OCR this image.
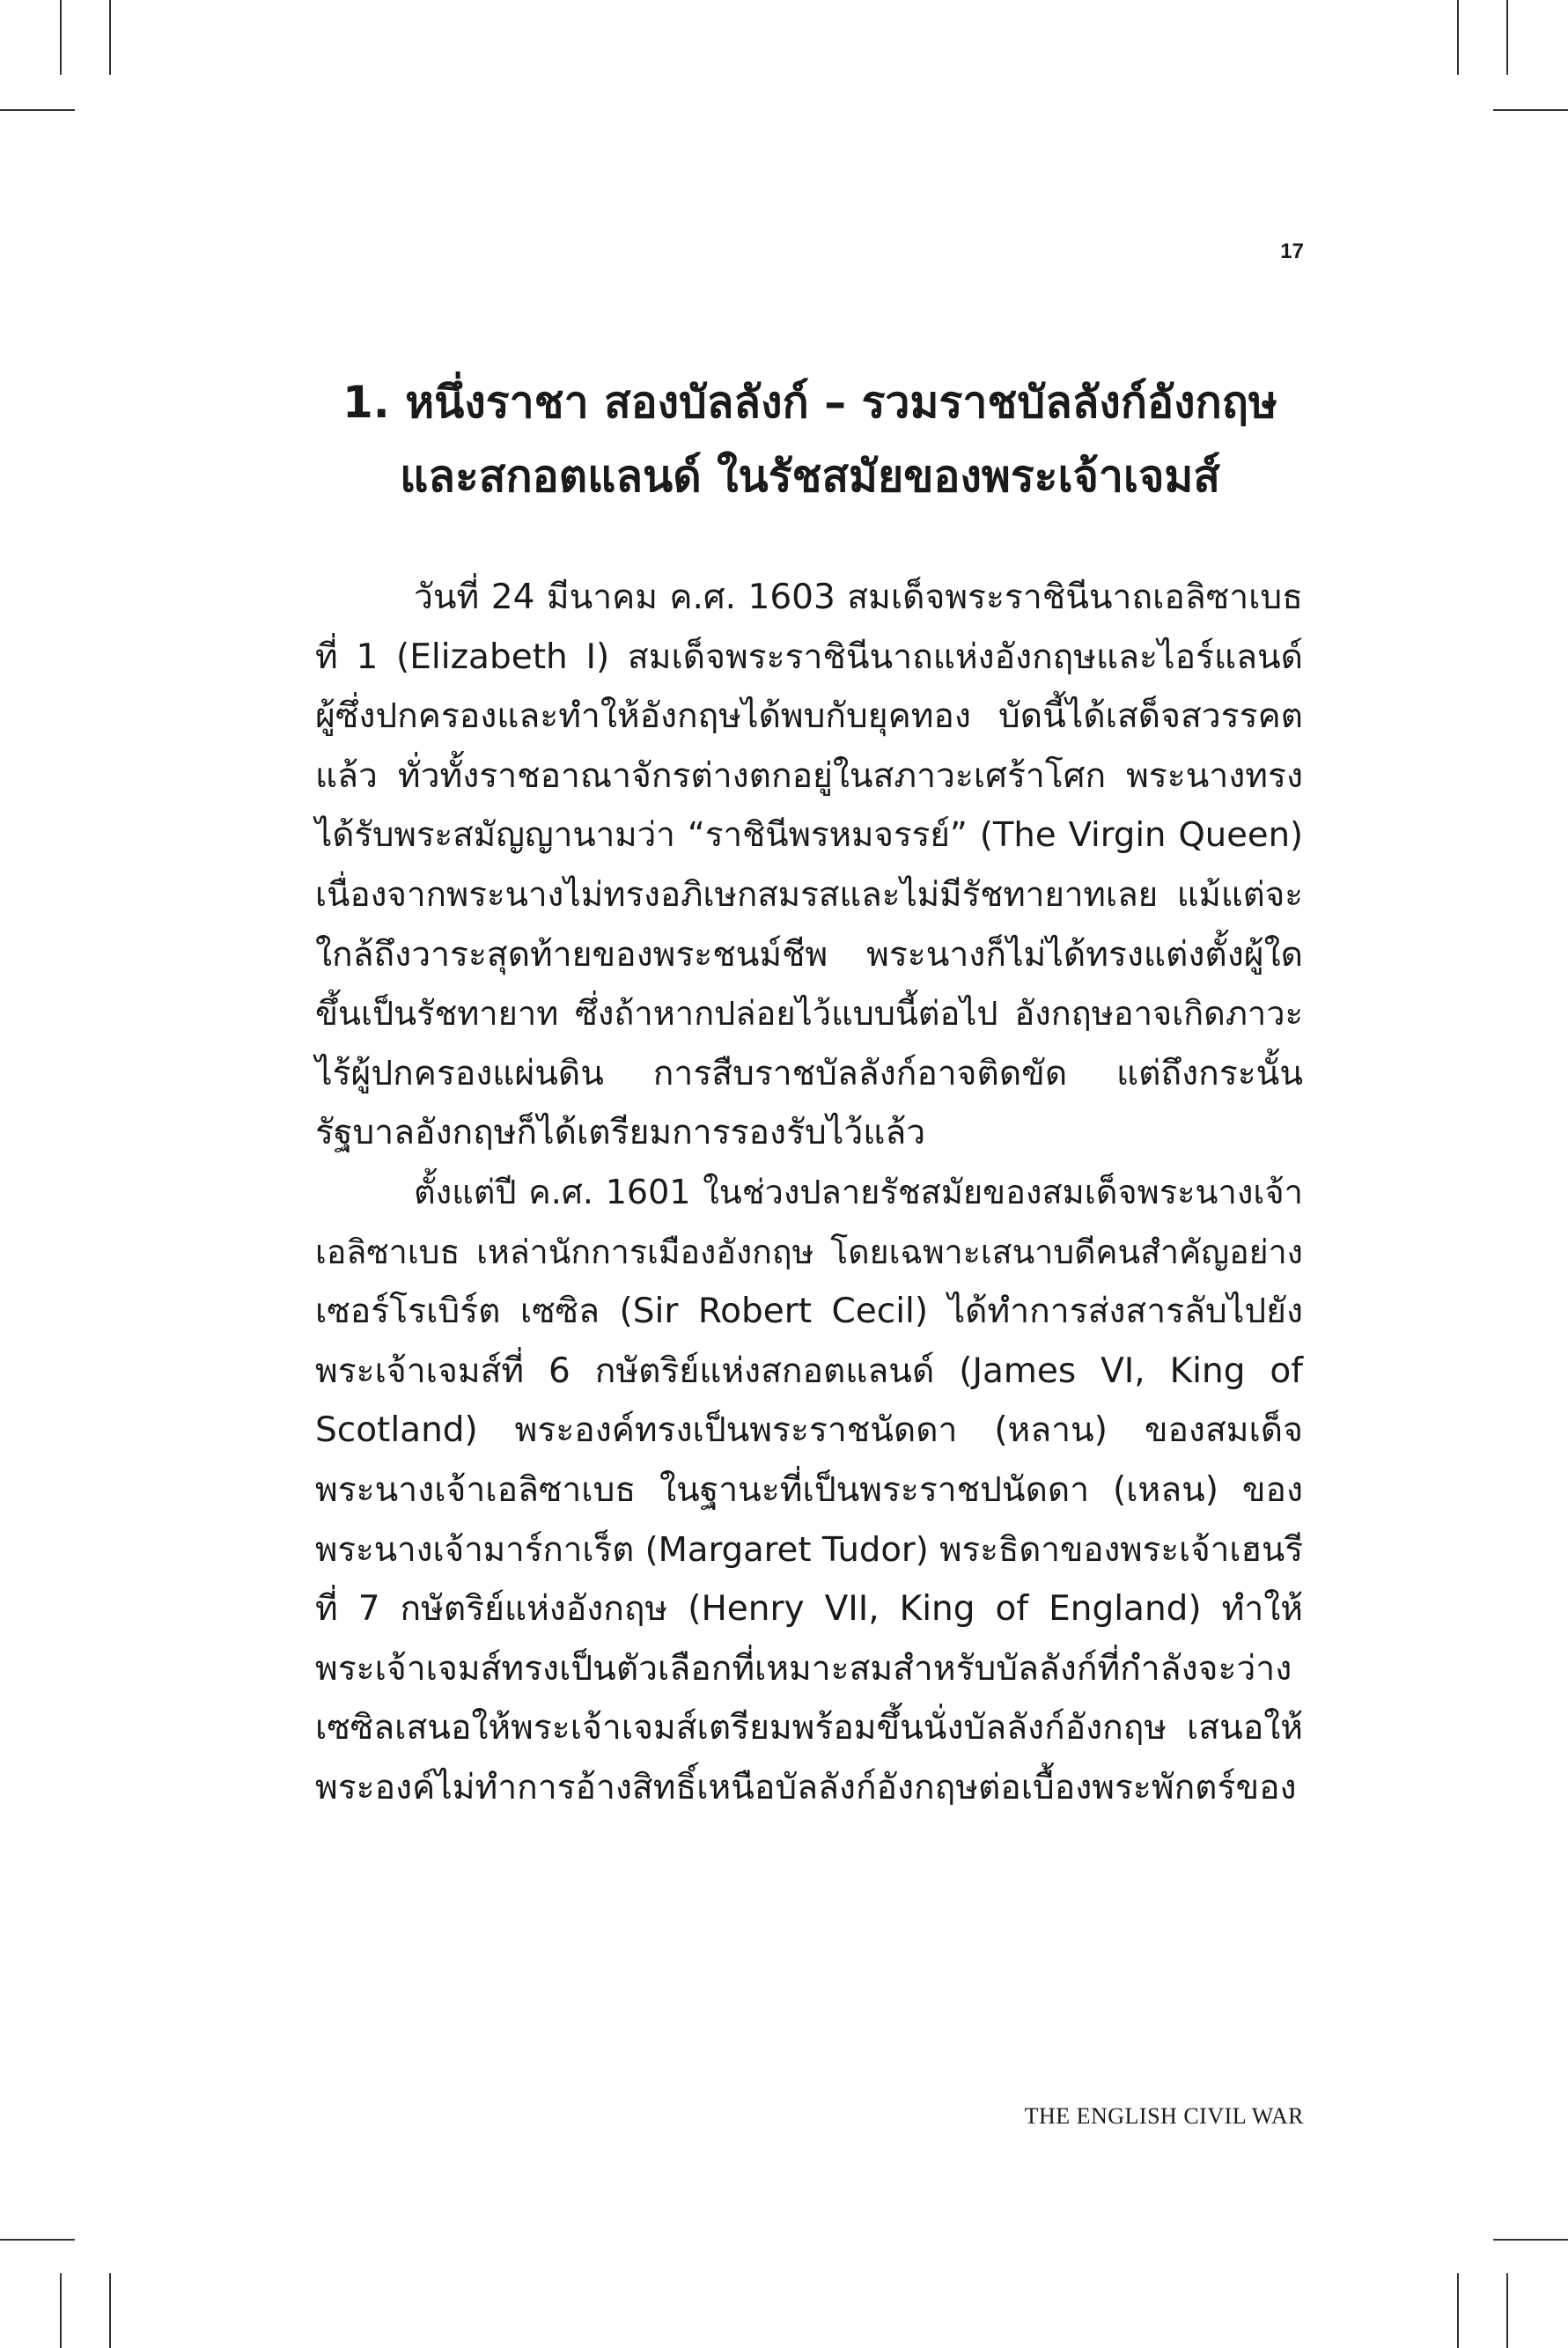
17
1. หนึ่งราชา สองบัลลังก์ – รวมราชบัลลังก์อังกฤษ
และสกอตแลนด์ ในรัชสมัยของพระเจ้าเจมส์

วันที่ 24 มีนาคม ค.ศ. 1603 สมเด็จพระราชินีนาถเอลิซาเบธ
ที่ 1 (Elizabeth I) สมเด็จพระราชินีนาถแห่งอังกฤษและไอร์แลนด์
ผู้ซึ่งปกครองและทำให้อังกฤษได้พบกับยุคทอง บัดนี้ได้เสด็จสวรรคต
แล้ว ทั่วทั้งราชอาณาจักรต่างตกอยู่ในสภาวะเศร้าโศก พระนางทรง
ได้รับพระสมัญญานามว่า “ราชินีพรหมจรรย์” (The Virgin Queen)
เนื่องจากพระนางไม่ทรงอภิเษกสมรสและไม่มีรัชทายาทเลย แม้แต่จะ
ใกล้ถึงวาระสุดท้ายของพระชนม์ชีพ พระนางก็ไม่ได้ทรงแต่งตั้งผู้ใด
ขึ้นเป็นรัชทายาท ซึ่งถ้าหากปล่อยไว้แบบนี้ต่อไป อังกฤษอาจเกิดภาวะ
ไร้ผู้ปกครองแผ่นดิน การสืบราชบัลลังก์อาจติดขัด แต่ถึงกระนั้น
รัฐบาลอังกฤษก็ได้เตรียมการรองรับไว้แล้ว

ตั้งแต่ปี ค.ศ. 1601 ในช่วงปลายรัชสมัยของสมเด็จพระนางเจ้า
เอลิซาเบธ เหล่านักการเมืองอังกฤษ โดยเฉพาะเสนาบดีคนสำคัญอย่าง
เซอร์โรเบิร์ต เซซิล (Sir Robert Cecil) ได้ทำการส่งสารลับไปยัง
พระเจ้าเจมส์ที่ 6 กษัตริย์แห่งสกอตแลนด์ (James VI, King of
Scotland) พระองค์ทรงเป็นพระราชนัดดา (หลาน) ของสมเด็จ
พระนางเจ้าเอลิซาเบธ ในฐานะที่เป็นพระราชปนัดดา (เหลน) ของ
พระนางเจ้ามาร์กาเร็ต (Margaret Tudor) พระธิดาของพระเจ้าเฮนรี
ที่ 7 กษัตริย์แห่งอังกฤษ (Henry VII, King of England) ทำให้
พระเจ้าเจมส์ทรงเป็นตัวเลือกที่เหมาะสมสำหรับบัลลังก์ที่กำลังจะว่าง
เซซิลเสนอให้พระเจ้าเจมส์เตรียมพร้อมขึ้นนั่งบัลลังก์อังกฤษ เสนอให้
พระองค์ไม่ทำการอ้างสิทธิ์เหนือบัลลังก์อังกฤษต่อเบื้องพระพักตร์ของ

THE ENGLISH CIVIL WAR
